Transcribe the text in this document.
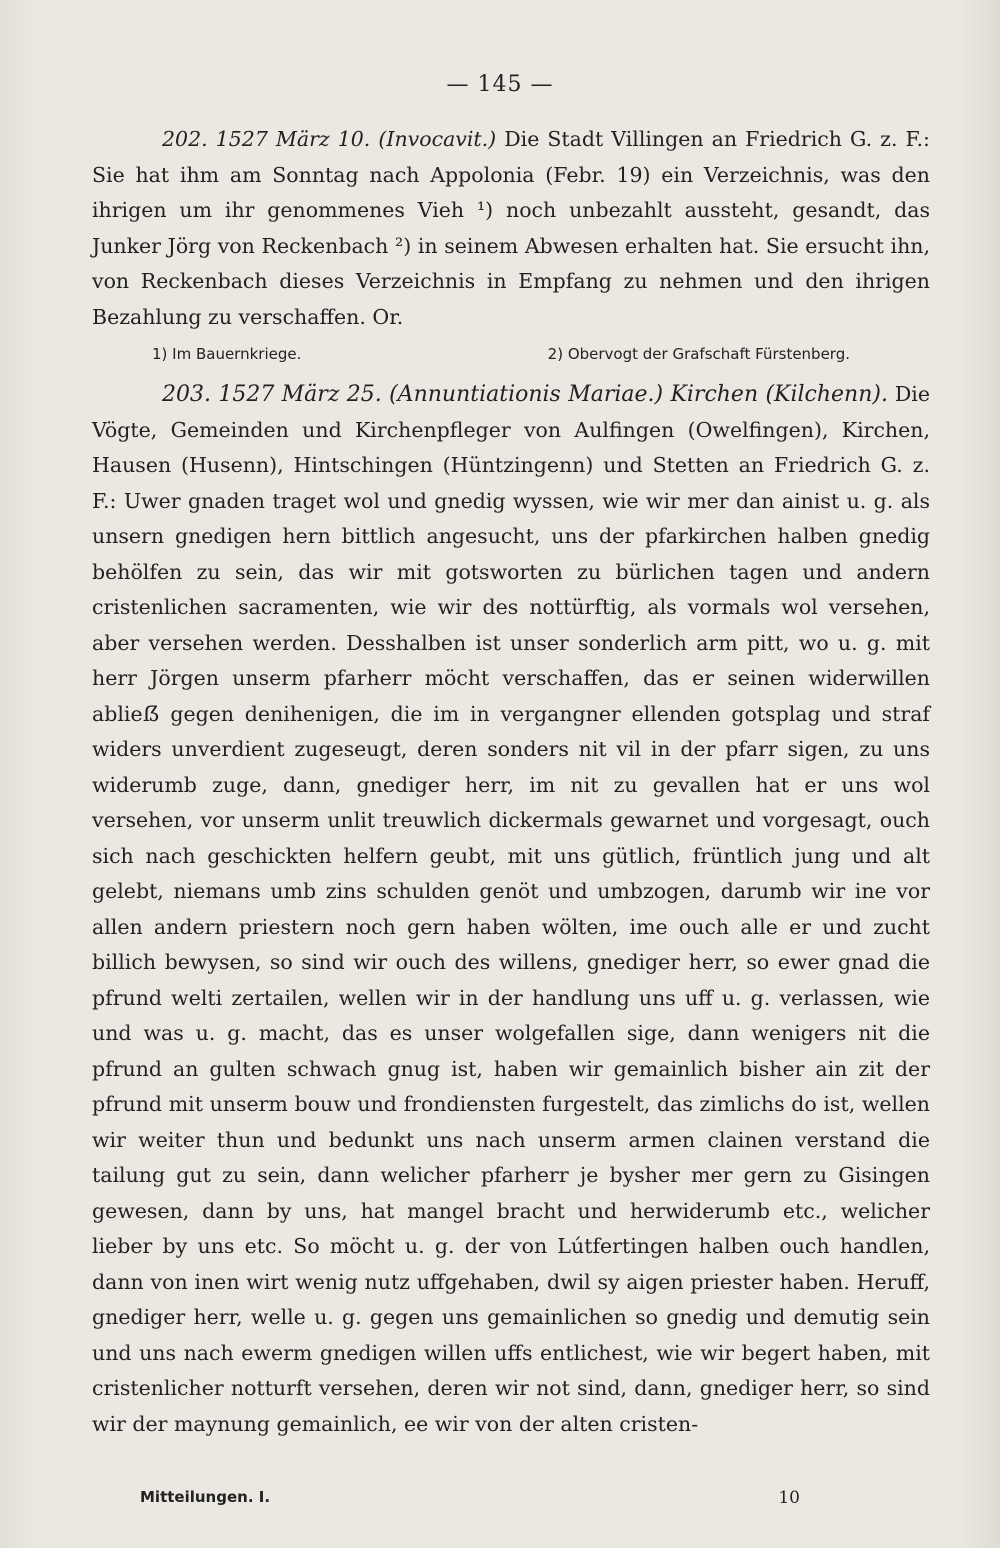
— 145 —

202. 1527 März 10. (Invocavit.) Die Stadt Villingen an Friedrich G. z. F.: Sie hat ihm am Sonntag nach Appolonia (Febr. 19) ein Verzeichnis, was den ihrigen um ihr genommenes Vieh ¹) noch unbezahlt aussteht, gesandt, das Junker Jörg von Reckenbach ²) in seinem Abwesen erhalten hat. Sie ersucht ihn, von Reckenbach dieses Verzeichnis in Empfang zu nehmen und den ihrigen Bezahlung zu verschaffen. Or.

1) Im Bauernkriege.	2) Obervogt der Grafschaft Fürstenberg.

203. 1527 März 25. (Annuntiationis Mariae.) Kirchen (Kilchenn). Die Vögte, Gemeinden und Kirchenpfleger von Aulfingen (Owelfingen), Kirchen, Hausen (Husenn), Hintschingen (Hüntzingenn) und Stetten an Friedrich G. z. F.: Uwer gnaden traget wol und gnedig wyssen, wie wir mer dan ainist u. g. als unsern gnedigen hern bittlich angesucht, uns der pfarkirchen halben gnedig behölfen zu sein, das wir mit gotsworten zu bürlichen tagen und andern cristenlichen sacramenten, wie wir des nottürftig, als vormals wol versehen, aber versehen werden. Desshalben ist unser sonderlich arm pitt, wo u. g. mit herr Jörgen unserm pfarherr möcht verschaffen, das er seinen widerwillen ablieẞ gegen denihenigen, die im in vergangner ellenden gotsplag und straf widers unverdient zugeseugt, deren sonders nit vil in der pfarr sigen, zu uns widerumb zuge, dann, gnediger herr, im nit zu gevallen hat er uns wol versehen, vor unserm unlit treuwlich dickermals gewarnet und vorgesagt, ouch sich nach geschickten helfern geubt, mit uns gütlich, früntlich jung und alt gelebt, niemans umb zins schulden genöt und umbzogen, darumb wir ine vor allen andern priestern noch gern haben wölten, ime ouch alle er und zucht billich bewysen, so sind wir ouch des willens, gnediger herr, so ewer gnad die pfrund welti zertailen, wellen wir in der handlung uns uff u. g. verlassen, wie und was u. g. macht, das es unser wolgefallen sige, dann wenigers nit die pfrund an gulten schwach gnug ist, haben wir gemainlich bisher ain zit der pfrund mit unserm bouw und frondiensten furgestelt, das zimlichs do ist, wellen wir weiter thun und bedunkt uns nach unserm armen clainen verstand die tailung gut zu sein, dann welicher pfarherr je bysher mer gern zu Gisingen gewesen, dann by uns, hat mangel bracht und herwiderumb etc., welicher lieber by uns etc. So möcht u. g. der von Lútfertingen halben ouch handlen, dann von inen wirt wenig nutz uffgehaben, dwil sy aigen priester haben. Heruff, gnediger herr, welle u. g. gegen uns gemainlichen so gnedig und demutig sein und uns nach ewerm gnedigen willen uffs entlichest, wie wir begert haben, mit cristenlicher notturft versehen, deren wir not sind, dann, gnediger herr, so sind wir der maynung gemainlich, ee wir von der alten cristen-

Mitteilungen. I.	10
